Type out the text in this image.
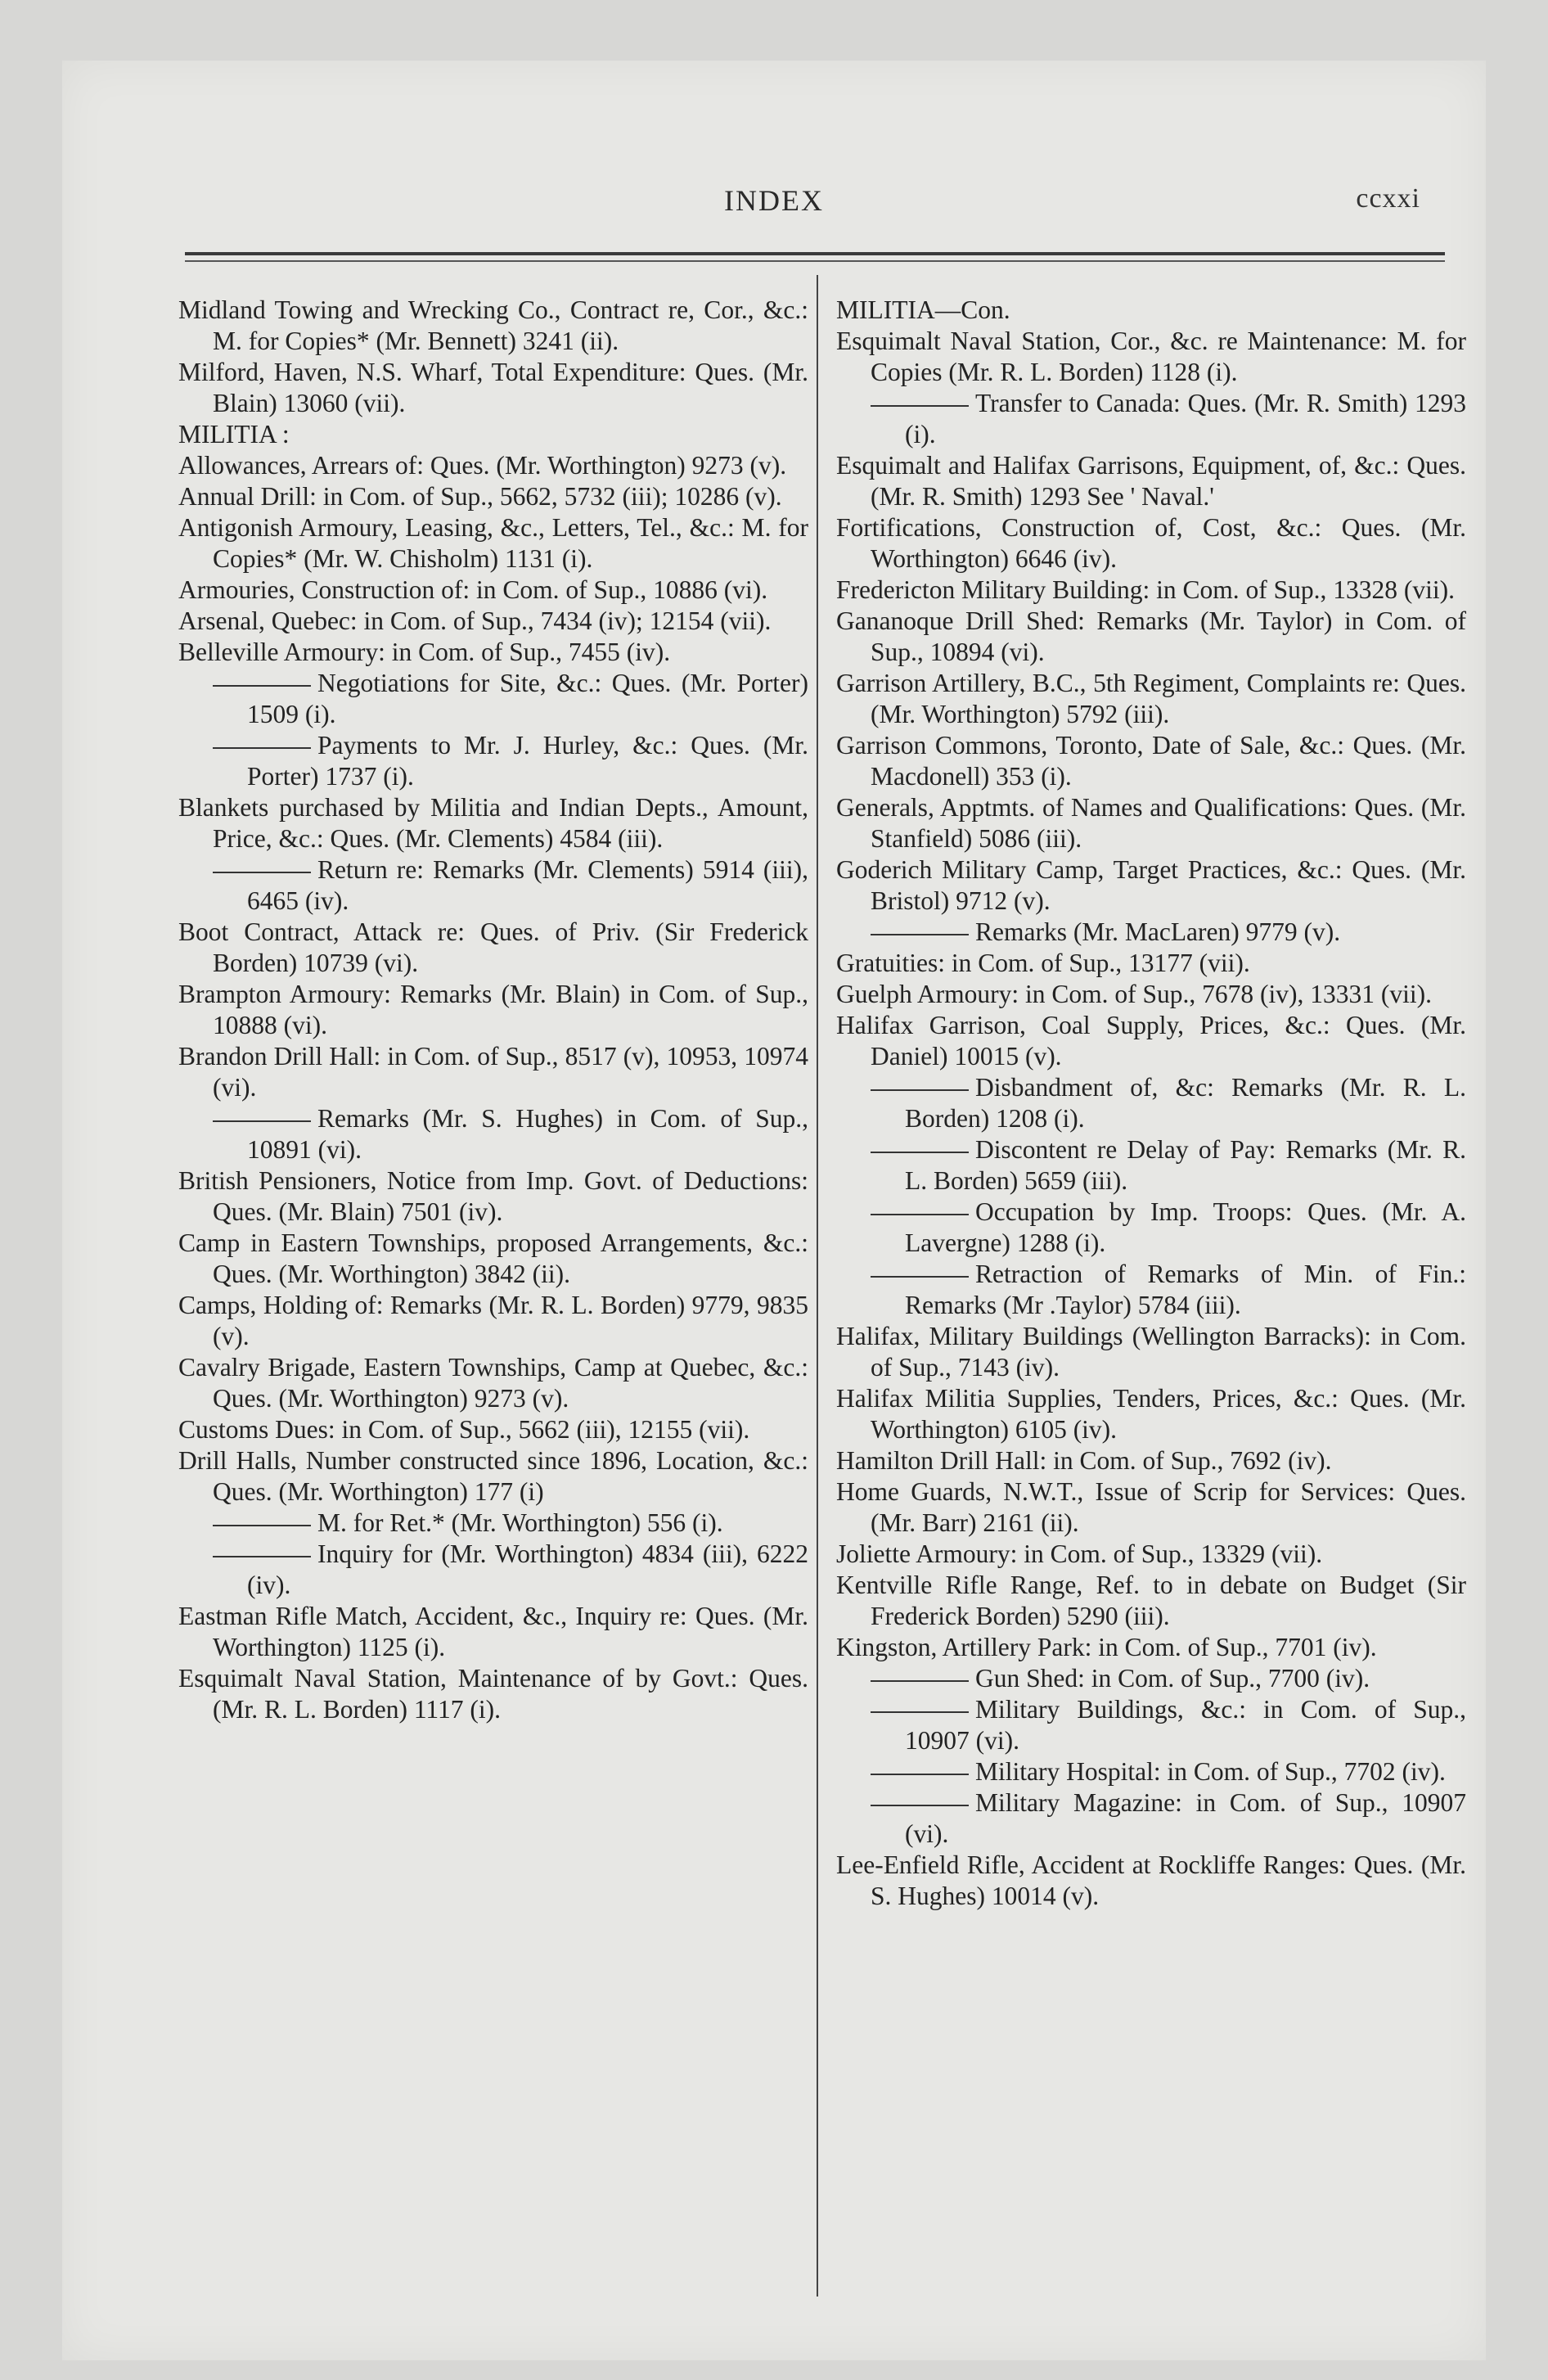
INDEX	ccxxi

Midland Towing and Wrecking Co., Contract re, Cor., &c.: M. for Copies* (Mr. Bennett) 3241 (ii).

Milford, Haven, N.S. Wharf, Total Expenditure: Ques. (Mr. Blain) 13060 (vii).

MILITIA :

Allowances, Arrears of: Ques. (Mr. Worthington) 9273 (v).

Annual Drill: in Com. of Sup., 5662, 5732 (iii); 10286 (v).

Antigonish Armoury, Leasing, &c., Letters, Tel., &c.: M. for Copies* (Mr. W. Chisholm) 1131 (i).

Armouries, Construction of: in Com. of Sup., 10886 (vi).

Arsenal, Quebec: in Com. of Sup., 7434 (iv); 12154 (vii).

Belleville Armoury: in Com. of Sup., 7455 (iv).

Negotiations for Site, &c.: Ques. (Mr. Porter) 1509 (i).

Payments to Mr. J. Hurley, &c.: Ques. (Mr. Porter) 1737 (i).

Blankets purchased by Militia and Indian Depts., Amount, Price, &c.: Ques. (Mr. Clements) 4584 (iii).

Return re: Remarks (Mr. Clements) 5914 (iii), 6465 (iv).

Boot Contract, Attack re: Ques. of Priv. (Sir Frederick Borden) 10739 (vi).

Brampton Armoury: Remarks (Mr. Blain) in Com. of Sup., 10888 (vi).

Brandon Drill Hall: in Com. of Sup., 8517 (v), 10953, 10974 (vi).

Remarks (Mr. S. Hughes) in Com. of Sup., 10891 (vi).

British Pensioners, Notice from Imp. Govt. of Deductions: Ques. (Mr. Blain) 7501 (iv).

Camp in Eastern Townships, proposed Arrangements, &c.: Ques. (Mr. Worthington) 3842 (ii).

Camps, Holding of: Remarks (Mr. R. L. Borden) 9779, 9835 (v).

Cavalry Brigade, Eastern Townships, Camp at Quebec, &c.: Ques. (Mr. Worthington) 9273 (v).

Customs Dues: in Com. of Sup., 5662 (iii), 12155 (vii).

Drill Halls, Number constructed since 1896, Location, &c.: Ques. (Mr. Worthington) 177 (i)

M. for Ret.* (Mr. Worthington) 556 (i).

Inquiry for (Mr. Worthington) 4834 (iii), 6222 (iv).

Eastman Rifle Match, Accident, &c., Inquiry re: Ques. (Mr. Worthington) 1125 (i).

Esquimalt Naval Station, Maintenance of by Govt.: Ques. (Mr. R. L. Borden) 1117 (i).

MILITIA—Con.

Esquimalt Naval Station, Cor., &c. re Maintenance: M. for Copies (Mr. R. L. Borden) 1128 (i).

Transfer to Canada: Ques. (Mr. R. Smith) 1293 (i).

Esquimalt and Halifax Garrisons, Equipment, of, &c.: Ques. (Mr. R. Smith) 1293 See ' Naval.'

Fortifications, Construction of, Cost, &c.: Ques. (Mr. Worthington) 6646 (iv).

Fredericton Military Building: in Com. of Sup., 13328 (vii).

Gananoque Drill Shed: Remarks (Mr. Taylor) in Com. of Sup., 10894 (vi).

Garrison Artillery, B.C., 5th Regiment, Complaints re: Ques. (Mr. Worthington) 5792 (iii).

Garrison Commons, Toronto, Date of Sale, &c.: Ques. (Mr. Macdonell) 353 (i).

Generals, Apptmts. of Names and Qualifications: Ques. (Mr. Stanfield) 5086 (iii).

Goderich Military Camp, Target Practices, &c.: Ques. (Mr. Bristol) 9712 (v).

Remarks (Mr. MacLaren) 9779 (v).

Gratuities: in Com. of Sup., 13177 (vii).

Guelph Armoury: in Com. of Sup., 7678 (iv), 13331 (vii).

Halifax Garrison, Coal Supply, Prices, &c.: Ques. (Mr. Daniel) 10015 (v).

Disbandment of, &c: Remarks (Mr. R. L. Borden) 1208 (i).

Discontent re Delay of Pay: Remarks (Mr. R. L. Borden) 5659 (iii).

Occupation by Imp. Troops: Ques. (Mr. A. Lavergne) 1288 (i).

Retraction of Remarks of Min. of Fin.: Remarks (Mr .Taylor) 5784 (iii).

Halifax, Military Buildings (Wellington Barracks): in Com. of Sup., 7143 (iv).

Halifax Militia Supplies, Tenders, Prices, &c.: Ques. (Mr. Worthington) 6105 (iv).

Hamilton Drill Hall: in Com. of Sup., 7692 (iv).

Home Guards, N.W.T., Issue of Scrip for Services: Ques. (Mr. Barr) 2161 (ii).

Joliette Armoury: in Com. of Sup., 13329 (vii).

Kentville Rifle Range, Ref. to in debate on Budget (Sir Frederick Borden) 5290 (iii).

Kingston, Artillery Park: in Com. of Sup., 7701 (iv).

Gun Shed: in Com. of Sup., 7700 (iv).

Military Buildings, &c.: in Com. of Sup., 10907 (vi).

Military Hospital: in Com. of Sup., 7702 (iv).

Military Magazine: in Com. of Sup., 10907 (vi).

Lee-Enfield Rifle, Accident at Rockliffe Ranges: Ques. (Mr. S. Hughes) 10014 (v).
